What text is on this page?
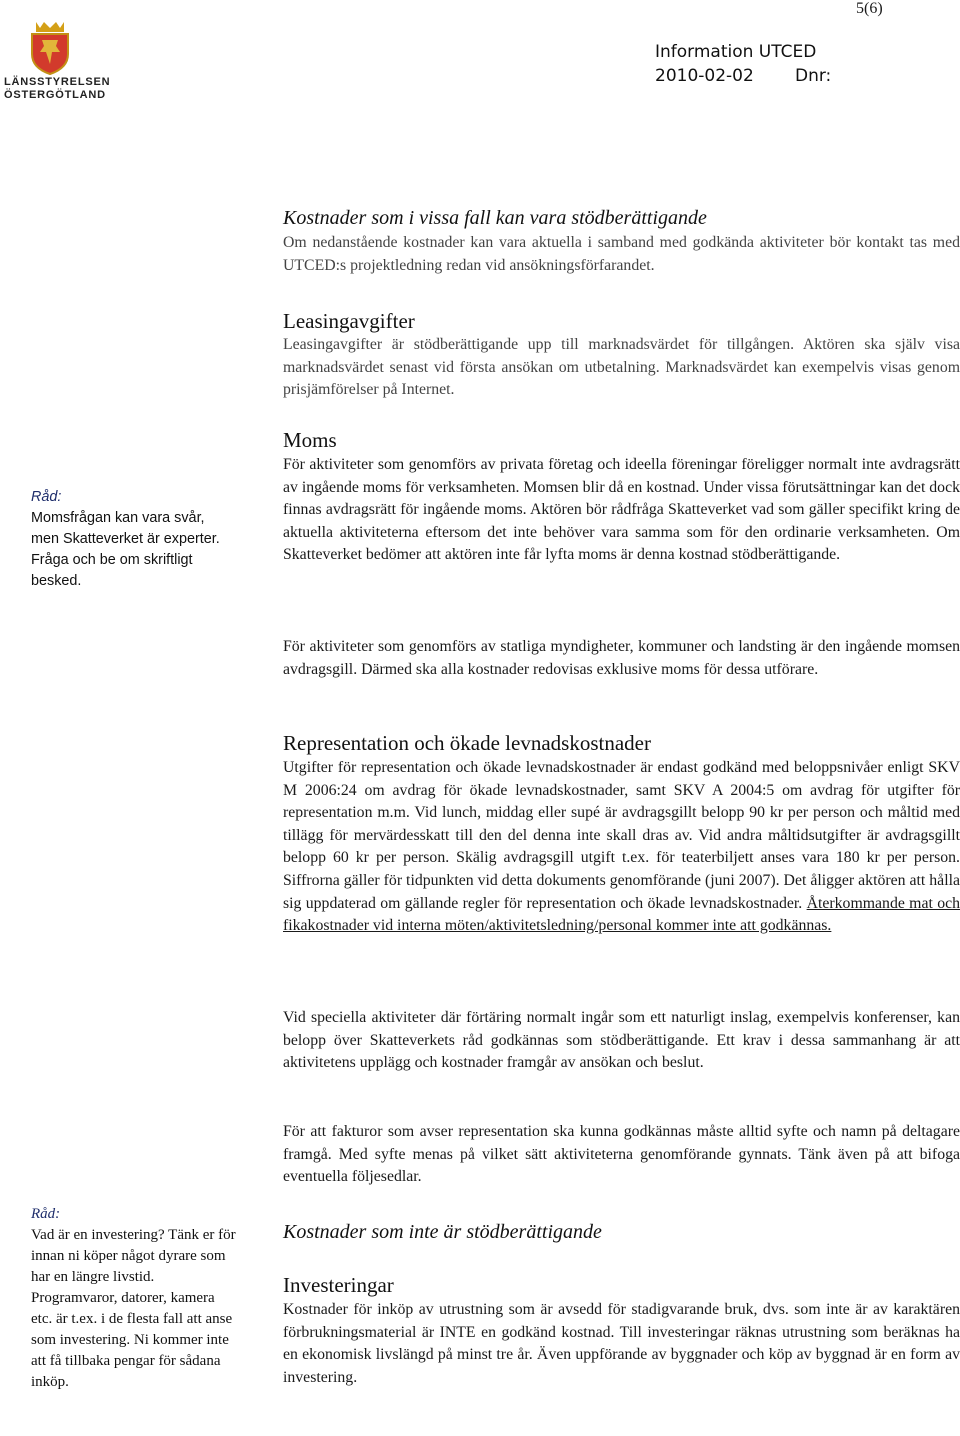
5(6)
LÄNSSTYRELSEN
ÖSTERGÖTLAND
Information UTCED
2010-02-02 Dnr:
Råd:
Momsfrågan kan vara svår, men Skatteverket är experter. Fråga och be om skriftligt besked.
Råd:
Vad är en investering? Tänk er för innan ni köper något dyrare som har en längre livstid. Programvaror, datorer, kamera etc. är t.ex. i de flesta fall att anse som investering. Ni kommer inte att få tillbaka pengar för sådana inköp.
Kostnader som i vissa fall kan vara stödberättigande

Om nedanstående kostnader kan vara aktuella i samband med godkända aktiviteter bör kontakt tas med UTCED:s projektledning redan vid ansökningsförfarandet.

Leasingavgifter

Leasingavgifter är stödberättigande upp till marknadsvärdet för tillgången. Aktören ska själv visa marknadsvärdet senast vid första ansökan om utbetalning. Marknadsvärdet kan exempelvis visas genom prisjämförelser på Internet.

Moms

För aktiviteter som genomförs av privata företag och ideella föreningar föreligger normalt inte avdragsrätt av ingående moms för verksamheten. Momsen blir då en kostnad. Under vissa förutsättningar kan det dock finnas avdragsrätt för ingående moms. Aktören bör rådfråga Skatteverket vad som gäller specifikt kring de aktuella aktiviteterna eftersom det inte behöver vara samma som för den ordinarie verksamheten. Om Skatteverket bedömer att aktören inte får lyfta moms är denna kostnad stödberättigande.

För aktiviteter som genomförs av statliga myndigheter, kommuner och landsting är den ingående momsen avdragsgill. Därmed ska alla kostnader redovisas exklusive moms för dessa utförare.

Representation och ökade levnadskostnader

Utgifter för representation och ökade levnadskostnader är endast godkänd med beloppsnivåer enligt SKV M 2006:24 om avdrag för ökade levnadskostnader, samt SKV A 2004:5 om avdrag för utgifter för representation m.m. Vid lunch, middag eller supé är avdragsgillt belopp 90 kr per person och måltid med tillägg för mervärdesskatt till den del denna inte skall dras av. Vid andra måltidsutgifter är avdragsgillt belopp 60 kr per person. Skälig avdragsgill utgift t.ex. för teaterbiljett anses vara 180 kr per person. Siffrorna gäller för tidpunkten vid detta dokuments genomförande (juni 2007). Det åligger aktören att hålla sig uppdaterad om gällande regler för representation och ökade levnadskostnader. Återkommande mat och fikakostnader vid interna möten/aktivitetsledning/personal kommer inte att godkännas.

Vid speciella aktiviteter där förtäring normalt ingår som ett naturligt inslag, exempelvis konferenser, kan belopp över Skatteverkets råd godkännas som stödberättigande. Ett krav i dessa sammanhang är att aktivitetens upplägg och kostnader framgår av ansökan och beslut.

För att fakturor som avser representation ska kunna godkännas måste alltid syfte och namn på deltagare framgå. Med syfte menas på vilket sätt aktiviteterna genomförande gynnats. Tänk även på att bifoga eventuella följesedlar.

Kostnader som inte är stödberättigande
Investeringar

Kostnader för inköp av utrustning som är avsedd för stadigvarande bruk, dvs. som inte är av karaktären förbrukningsmaterial är INTE en godkänd kostnad. Till investeringar räknas utrustning som beräknas ha en ekonomisk livslängd på minst tre år. Även uppförande av byggnader och köp av byggnad är en form av investering.
